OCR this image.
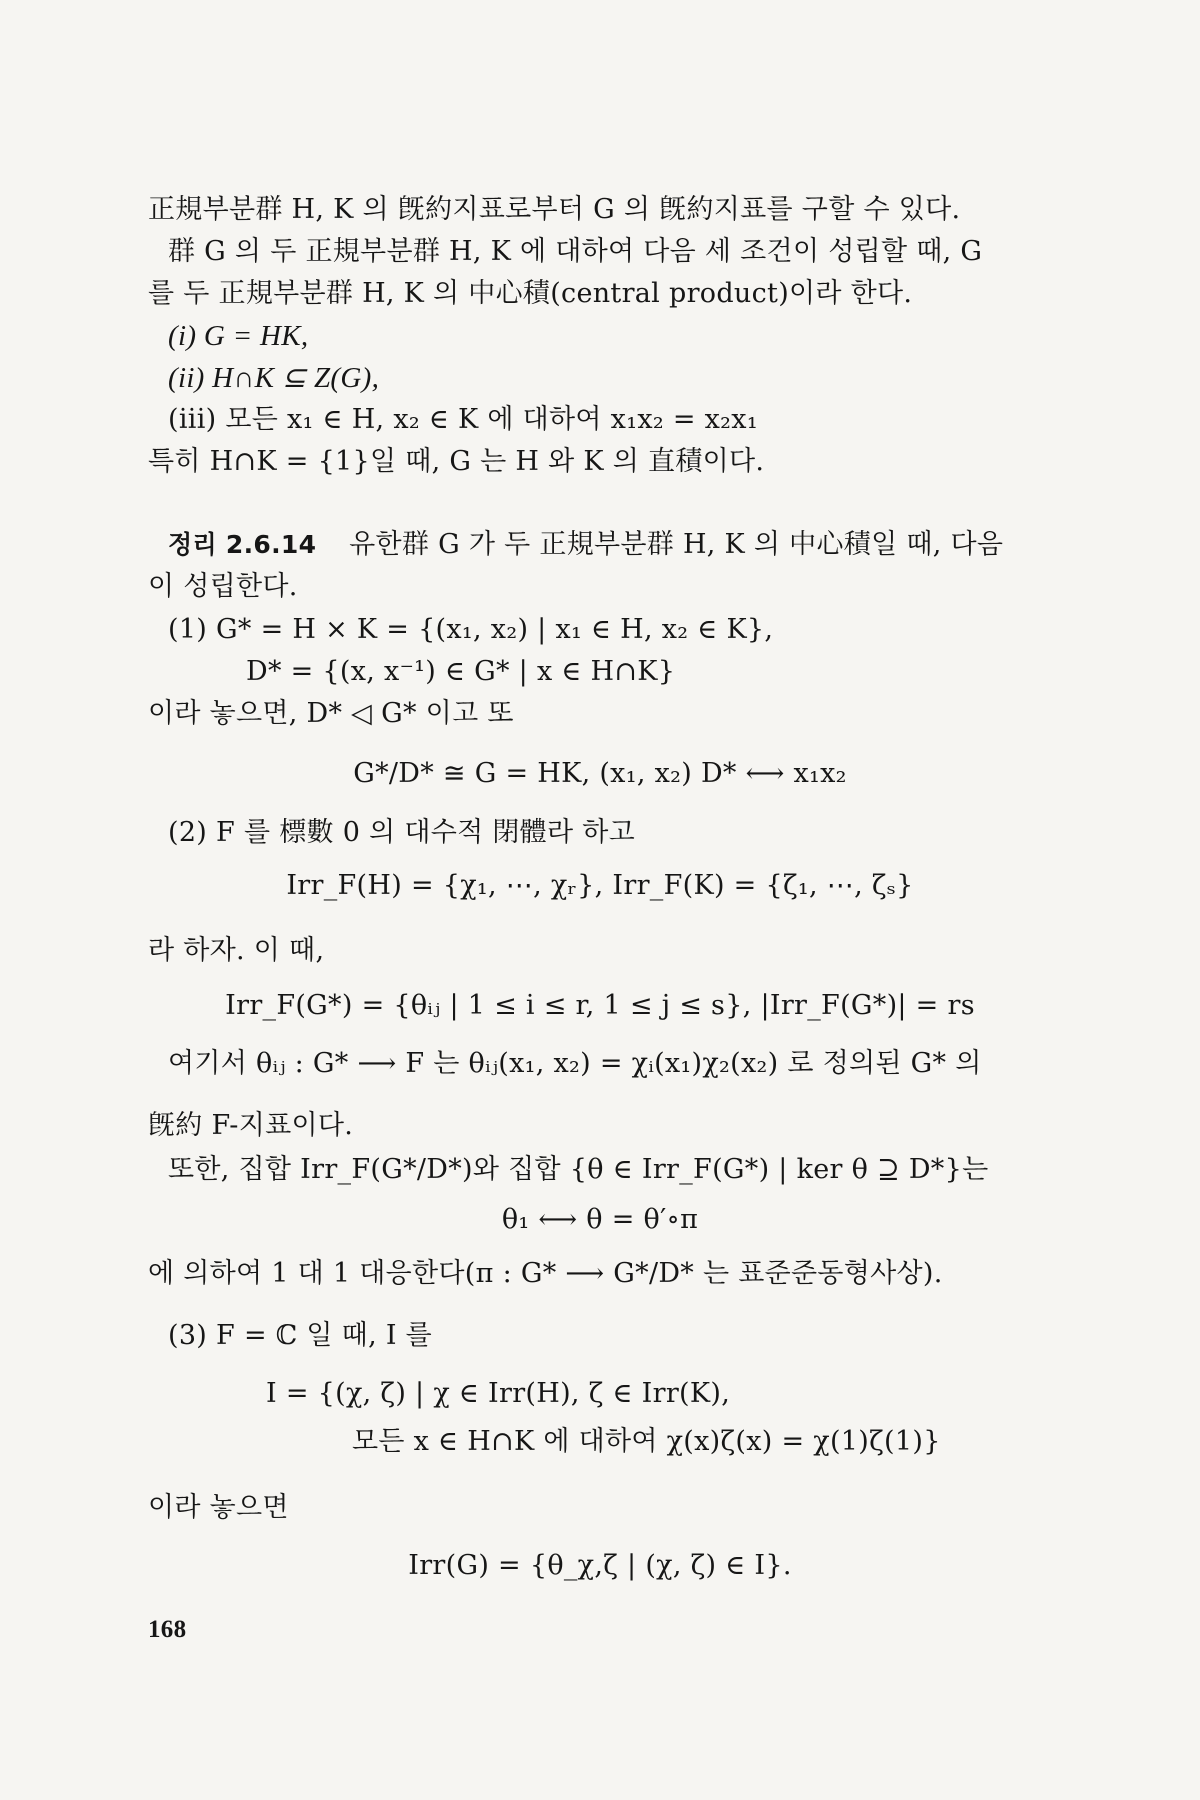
正規부분群 H, K 의 旣約지표로부터 G 의 旣約지표를 구할 수 있다.
群 G 의 두 正規부분群 H, K 에 대하여 다음 세 조건이 성립할 때, G
를 두 正規부분群 H, K 의 中心積(central product)이라 한다.
(i) G = HK,
(ii) H∩K ⊆ Z(G),
(iii) 모든 x₁ ∈ H, x₂ ∈ K 에 대하여 x₁x₂ = x₂x₁
특히 H∩K = {1}일 때, G 는 H 와 K 의 直積이다.
정리 2.6.14 유한群 G 가 두 正規부분群 H, K 의 中心積일 때, 다음
이 성립한다.
(1) G* = H × K = {(x₁, x₂) | x₁ ∈ H, x₂ ∈ K},
D* = {(x, x⁻¹) ∈ G* | x ∈ H∩K}
이라 놓으면, D* ◁ G* 이고 또
G*/D* ≅ G = HK, (x₁, x₂) D* ⟷ x₁x₂
(2) F 를 標數 0 의 대수적 閉體라 하고
Irr_F(H) = {χ₁, ⋯, χᵣ}, Irr_F(K) = {ζ₁, ⋯, ζₛ}
라 하자. 이 때,
Irr_F(G*) = {θᵢⱼ | 1 ≤ i ≤ r, 1 ≤ j ≤ s}, |Irr_F(G*)| = rs
여기서 θᵢⱼ : G* ⟶ F 는 θᵢⱼ(x₁, x₂) = χᵢ(x₁)χ₂(x₂) 로 정의된 G* 의
旣約 F-지표이다.
또한, 집합 Irr_F(G*/D*)와 집합 {θ ∈ Irr_F(G*) | ker θ ⊇ D*}는
θ₁ ⟷ θ = θ′∘π
에 의하여 1 대 1 대응한다(π : G* ⟶ G*/D* 는 표준준동형사상).
(3) F = ℂ 일 때, I 를
I = {(χ, ζ) | χ ∈ Irr(H), ζ ∈ Irr(K),
모든 x ∈ H∩K 에 대하여 χ(x)ζ(x) = χ(1)ζ(1)}
이라 놓으면
Irr(G) = {θ_χ,ζ | (χ, ζ) ∈ I}.
168
